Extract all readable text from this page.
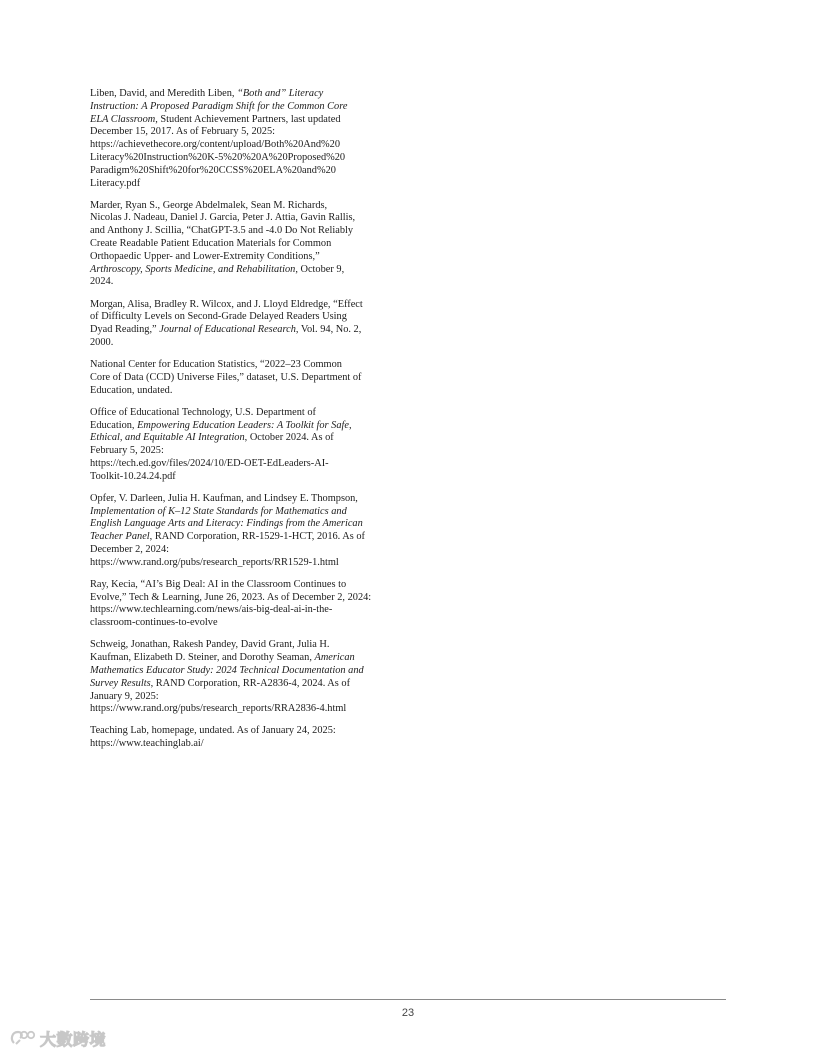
Liben, David, and Meredith Liben, “Both and” Literacy
Instruction: A Proposed Paradigm Shift for the Common Core
ELA Classroom, Student Achievement Partners, last updated
December 15, 2017. As of February 5, 2025:
https://achievethecore.org/content/upload/Both%20And%20
Literacy%20Instruction%20K-5%20%20A%20Proposed%20
Paradigm%20Shift%20for%20CCSS%20ELA%20and%20
Literacy.pdf
Marder, Ryan S., George Abdelmalek, Sean M. Richards,
Nicolas J. Nadeau, Daniel J. Garcia, Peter J. Attia, Gavin Rallis,
and Anthony J. Scillia, “ChatGPT-3.5 and -4.0 Do Not Reliably
Create Readable Patient Education Materials for Common
Orthopaedic Upper- and Lower-Extremity Conditions,”
Arthroscopy, Sports Medicine, and Rehabilitation, October 9,
2024.
Morgan, Alisa, Bradley R. Wilcox, and J. Lloyd Eldredge, “Effect
of Difficulty Levels on Second-Grade Delayed Readers Using
Dyad Reading,” Journal of Educational Research, Vol. 94, No. 2,
2000.
National Center for Education Statistics, “2022–23 Common
Core of Data (CCD) Universe Files,” dataset, U.S. Department of
Education, undated.
Office of Educational Technology, U.S. Department of
Education, Empowering Education Leaders: A Toolkit for Safe,
Ethical, and Equitable AI Integration, October 2024. As of
February 5, 2025:
https://tech.ed.gov/files/2024/10/ED-OET-EdLeaders-AI-
Toolkit-10.24.24.pdf
Opfer, V. Darleen, Julia H. Kaufman, and Lindsey E. Thompson,
Implementation of K–12 State Standards for Mathematics and
English Language Arts and Literacy: Findings from the American
Teacher Panel, RAND Corporation, RR-1529-1-HCT, 2016. As of
December 2, 2024:
https://www.rand.org/pubs/research_reports/RR1529-1.html
Ray, Kecia, “AI’s Big Deal: AI in the Classroom Continues to
Evolve,” Tech & Learning, June 26, 2023. As of December 2, 2024:
https://www.techlearning.com/news/ais-big-deal-ai-in-the-
classroom-continues-to-evolve
Schweig, Jonathan, Rakesh Pandey, David Grant, Julia H.
Kaufman, Elizabeth D. Steiner, and Dorothy Seaman, American
Mathematics Educator Study: 2024 Technical Documentation and
Survey Results, RAND Corporation, RR-A2836-4, 2024. As of
January 9, 2025:
https://www.rand.org/pubs/research_reports/RRA2836-4.html
Teaching Lab, homepage, undated. As of January 24, 2025:
https://www.teachinglab.ai/
23
大數跨境
